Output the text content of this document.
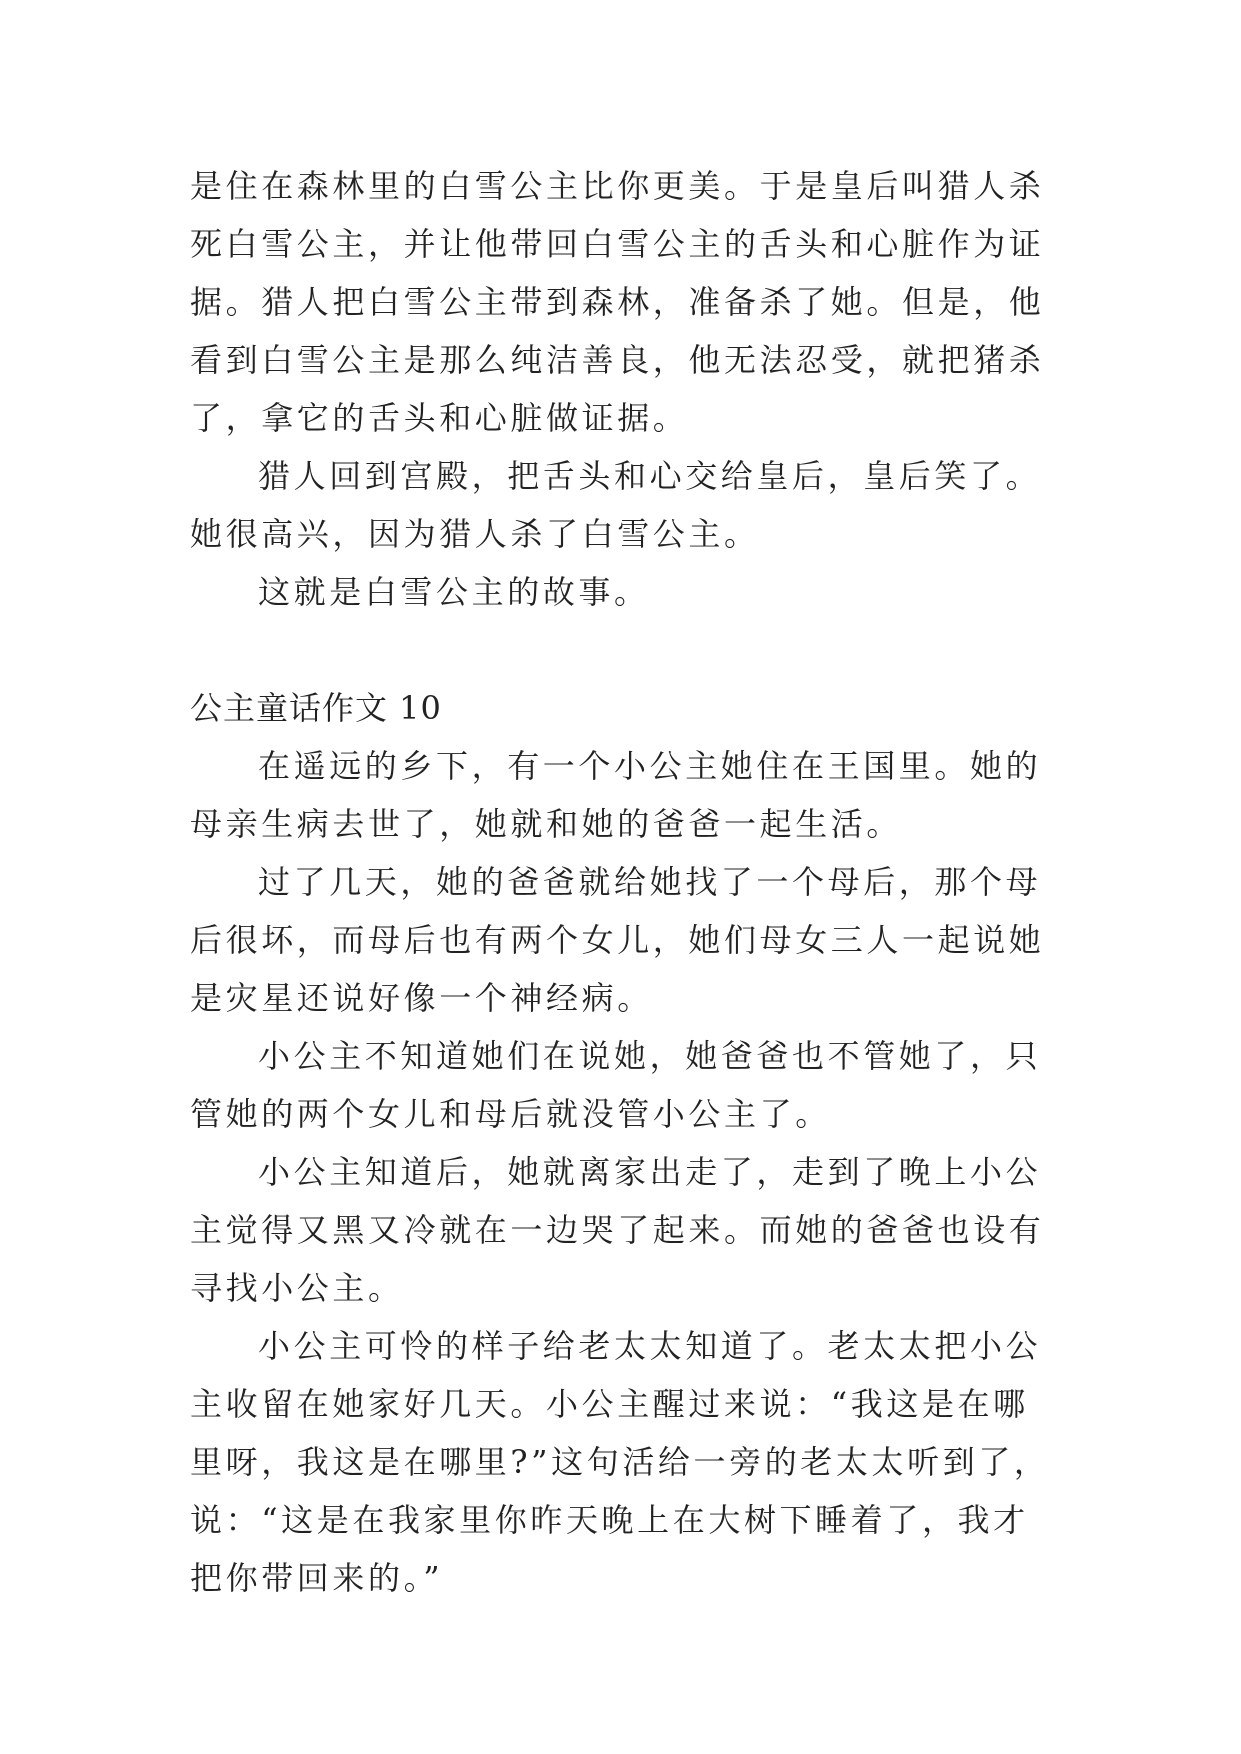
是住在森林里的白雪公主比你更美。于是皇后叫猎人杀死白雪公主，并让他带回白雪公主的舌头和心脏作为证据。猎人把白雪公主带到森林，准备杀了她。但是，他看到白雪公主是那么纯洁善良，他无法忍受，就把猪杀了，拿它的舌头和心脏做证据。

猎人回到宫殿，把舌头和心交给皇后，皇后笑了。她很高兴，因为猎人杀了白雪公主。

这就是白雪公主的故事。

公主童话作文 10

在遥远的乡下，有一个小公主她住在王国里。她的母亲生病去世了，她就和她的爸爸一起生活。

过了几天，她的爸爸就给她找了一个母后，那个母后很坏，而母后也有两个女儿，她们母女三人一起说她是灾星还说好像一个神经病。

小公主不知道她们在说她，她爸爸也不管她了，只管她的两个女儿和母后就没管小公主了。

小公主知道后，她就离家出走了，走到了晚上小公主觉得又黑又冷就在一边哭了起来。而她的爸爸也设有寻找小公主。

小公主可怜的样子给老太太知道了。老太太把小公主收留在她家好几天。小公主醒过来说：“我这是在哪里呀，我这是在哪里?”这句活给一旁的老太太听到了，说：“这是在我家里你昨天晚上在大树下睡着了，我才把你带回来的。”
